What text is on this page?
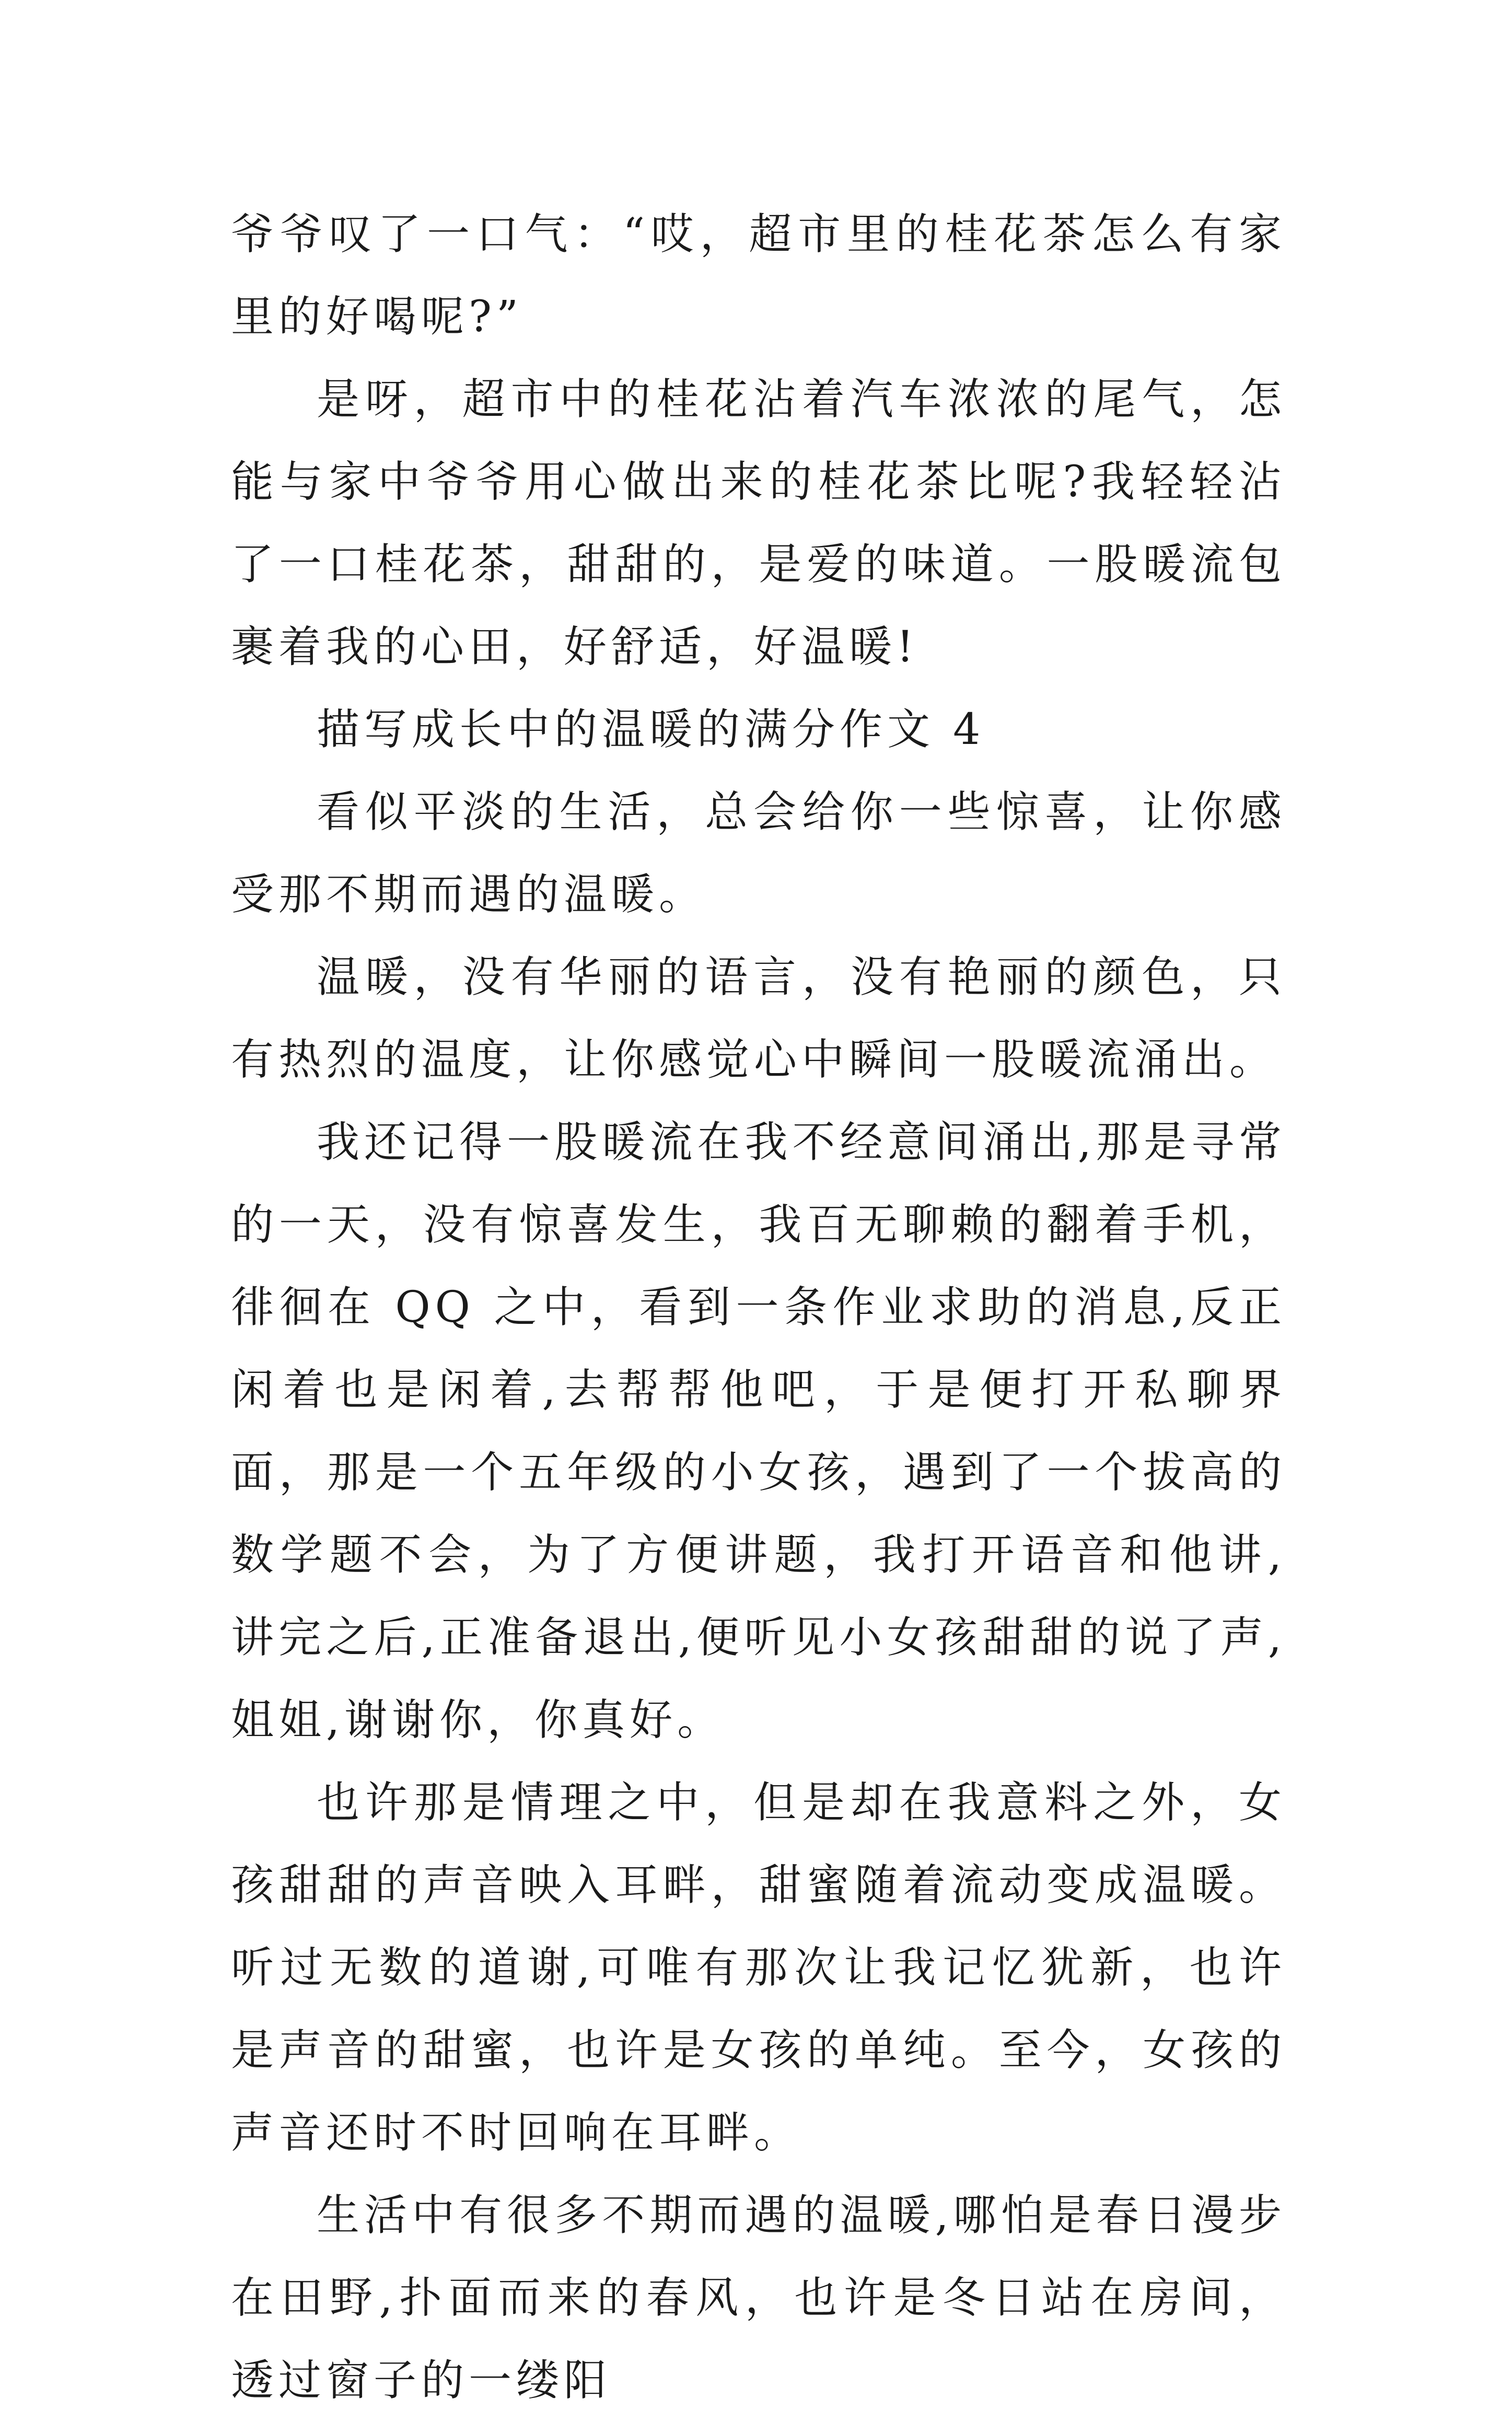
爷爷叹了一口气：“哎，超市里的桂花茶怎么有家里的好喝呢?”

是呀，超市中的桂花沾着汽车浓浓的尾气，怎能与家中爷爷用心做出来的桂花茶比呢?我轻轻沾了一口桂花茶，甜甜的，是爱的味道。一股暖流包裹着我的心田，好舒适，好温暖!

描写成长中的温暖的满分作文 4

看似平淡的生活，总会给你一些惊喜，让你感受那不期而遇的温暖。

温暖，没有华丽的语言，没有艳丽的颜色，只有热烈的温度，让你感觉心中瞬间一股暖流涌出。

我还记得一股暖流在我不经意间涌出,那是寻常的一天，没有惊喜发生，我百无聊赖的翻着手机，徘徊在 QQ 之中，看到一条作业求助的消息,反正闲着也是闲着,去帮帮他吧，于是便打开私聊界面，那是一个五年级的小女孩，遇到了一个拔高的数学题不会，为了方便讲题，我打开语音和他讲,讲完之后,正准备退出,便听见小女孩甜甜的说了声,姐姐,谢谢你，你真好。

也许那是情理之中，但是却在我意料之外，女孩甜甜的声音映入耳畔，甜蜜随着流动变成温暖。听过无数的道谢,可唯有那次让我记忆犹新，也许是声音的甜蜜，也许是女孩的单纯。至今，女孩的声音还时不时回响在耳畔。

生活中有很多不期而遇的温暖,哪怕是春日漫步在田野,扑面而来的春风，也许是冬日站在房间，透过窗子的一缕阳
